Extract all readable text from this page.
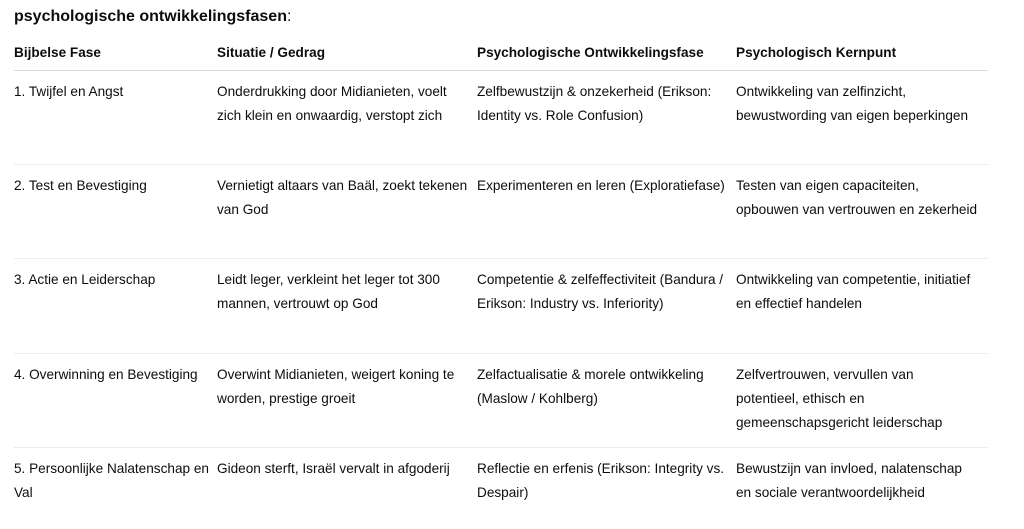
psychologische ontwikkelingsfasen:
Bijbelse Fase	Situatie / Gedrag	Psychologische Ontwikkelingsfase	Psychologisch Kernpunt
1. Twijfel en Angst	Onderdrukking door Midianieten, voelt zich klein en onwaardig, verstopt zich	Zelfbewustzijn & onzekerheid (Erikson: Identity vs. Role Confusion)	Ontwikkeling van zelfinzicht, bewustwording van eigen beperkingen
2. Test en Bevestiging	Vernietigt altaars van Baäl, zoekt tekenen van God	Experimenteren en leren (Exploratiefase)	Testen van eigen capaciteiten, opbouwen van vertrouwen en zekerheid
3. Actie en Leiderschap	Leidt leger, verkleint het leger tot 300 mannen, vertrouwt op God	Competentie & zelfeffectiviteit (Bandura / Erikson: Industry vs. Inferiority)	Ontwikkeling van competentie, initiatief en effectief handelen
4. Overwinning en Bevestiging	Overwint Midianieten, weigert koning te worden, prestige groeit	Zelfactualisatie & morele ontwikkeling (Maslow / Kohlberg)	Zelfvertrouwen, vervullen van potentieel, ethisch en gemeenschapsgericht leiderschap
5. Persoonlijke Nalatenschap en Val	Gideon sterft, Israël vervalt in afgoderij	Reflectie en erfenis (Erikson: Integrity vs. Despair)	Bewustzijn van invloed, nalatenschap en sociale verantwoordelijkheid
